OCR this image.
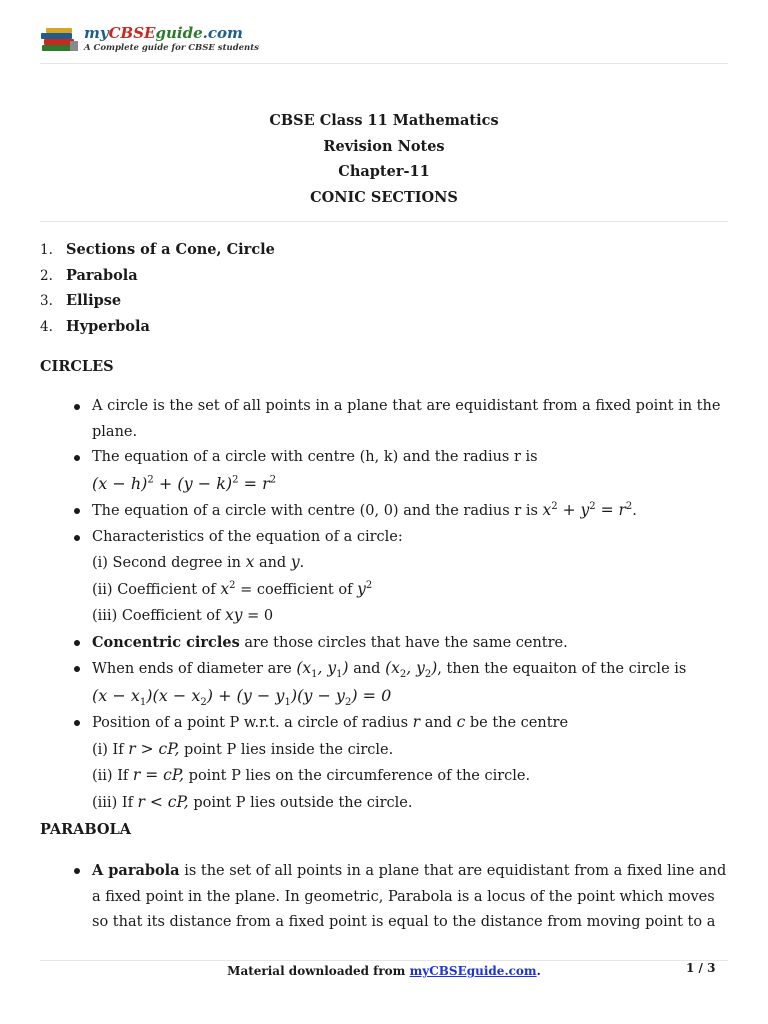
myCBSEguide.com
A Complete guide for CBSE students
CBSE Class 11 Mathematics
Revision Notes
Chapter-11
CONIC SECTIONS
1. Sections of a Cone, Circle
2. Parabola
3. Ellipse
4. Hyperbola
CIRCLES
A circle is the set of all points in a plane that are equidistant from a fixed point in the plane.
The equation of a circle with centre (h, k) and the radius r is
$(x - h)^2 + (y - k)^2 = r^2$
The equation of a circle with centre (0, 0) and the radius r is $x^2 + y^2 = r^2$.
Characteristics of the equation of a circle:
(i) Second degree in x and y.
(ii) Coefficient of $x^2$ = coefficient of $y^2$
(iii) Coefficient of xy = 0
Concentric circles are those circles that have the same centre.
When ends of diameter are ($x_1$, $y_1$) and ($x_2$, $y_2$), then the equaiton of the circle is
$(x - x_1)(x - x_2) + (y - y_1)(y - y_2) = 0$
Position of a point P w.r.t. a circle of radius r and c be the centre
(i) If r > cP, point P lies inside the circle.
(ii) If r = cP, point P lies on the circumference of the circle.
(iii) If r < cP, point P lies outside the circle.
PARABOLA
A parabola is the set of all points in a plane that are equidistant from a fixed line and a fixed point in the plane. In geometric, Parabola is a locus of the point which moves so that its distance from a fixed point is equal to the distance from moving point to a
Material downloaded from myCBSEguide.com.	1 / 3
